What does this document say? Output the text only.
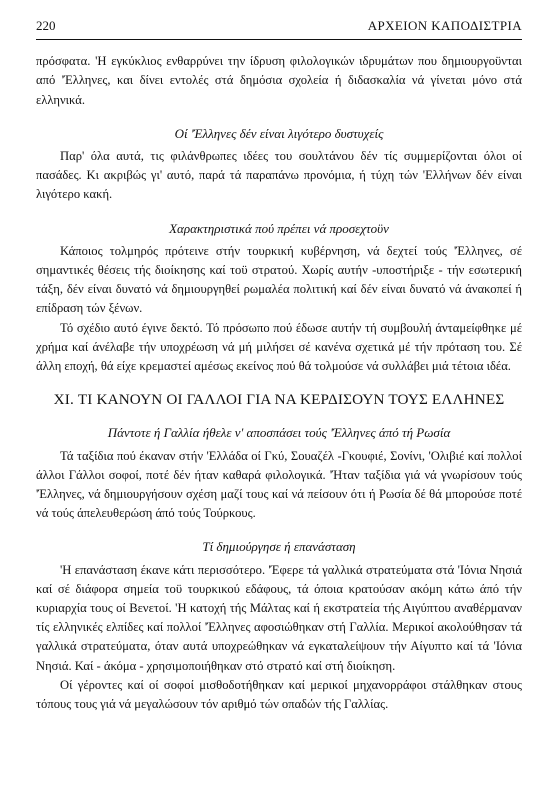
220	ΑΡΧΕΙΟΝ ΚΑΠΟΔΙΣΤΡΙΑ

πρόσφατα. 'Η εγκύκλιος ενθαρρύνει την ίδρυση φιλολογικών ιδρυμάτων που δημιουργοϋνται από 'Έλληνες, και δίνει εντολές στά δημόσια σχολεία ή διδασκαλία νά γίνεται μόνο στά ελληνικά.

Οί 'Έλληνες δέν είναι λιγότερο δυστυχείς

Παρ' όλα αυτά, τις φιλάνθρωπες ιδέες του σουλτάνου δέν τίς συμμερίζονται όλοι οί πασάδες. Κι ακριβώς γι' αυτό, παρά τά παραπάνω προνόμια, ή τύχη τών 'Ελλήνων δέν είναι λιγότερο κακή.

Χαρακτηριστικά πού πρέπει νά προσεχτοϋν

Κάποιος τολμηρός πρότεινε στήν τουρκική κυβέρνηση, νά δεχτεί τούς 'Έλληνες, σέ σημαντικές θέσεις τής διοίκησης καί τοϋ στρατού. Χωρίς αυτήν -υποστήριξε - τήν εσωτερική τάξη, δέν είναι δυνατό νά δημιουργηθεί ρωμαλέα πολιτική καί δέν είναι δυνατό νά άνακοπεί ή επίδραση τών ξένων.

Τό σχέδιο αυτό έγινε δεκτό. Τό πρόσωπο πού έδωσε αυτήν τή συμβουλή άνταμείφθηκε μέ χρήμα καί άνέλαβε τήν υποχρέωση νά μή μιλήσει σέ κανένα σχετικά μέ τήν πρόταση του. Σέ άλλη εποχή, θά είχε κρεμαστεί αμέσως εκείνος πού θά τολμούσε νά συλλάβει μιά τέτοια ιδέα.

XI. ΤΙ ΚΑΝΟΥΝ ΟΙ ΓΑΛΛΟΙ ΓΙΑ ΝΑ ΚΕΡΔΙΣΟΥΝ ΤΟΥΣ ΕΛΛΗΝΕΣ
Πάντοτε ή Γαλλία ήθελε ν' αποσπάσει τούς 'Έλληνες άπό τή Ρωσία

Τά ταξίδια πού έκαναν στήν 'Ελλάδα οί Γκύ, Σουαζέλ -Γκουφιέ, Σονίνι, 'Ολιβιέ καί πολλοί άλλοι Γάλλοι σοφοί, ποτέ δέν ήταν καθαρά φιλολογικά. 'Ήταν ταξίδια γιά νά γνωρίσουν τούς 'Έλληνες, νά δημιουργήσουν σχέση μαζί τους καί νά πείσουν ότι ή Ρωσία δέ θά μπορούσε ποτέ νά τούς άπελευθερώση άπό τούς Τούρκους.

Τί δημιούργησε ή επανάσταση

'Η επανάσταση έκανε κάτι περισσότερο. 'Έφερε τά γαλλικά στρατεύματα στά 'Ιόνια Νησιά καί σέ διάφορα σημεία τοϋ τουρκικού εδάφους, τά όποια κρατούσαν ακόμη κάτω άπό τήν κυριαρχία τους οί Βενετοί. 'Η κατοχή τής Μάλτας καί ή εκστρατεία τής Αιγύπτου αναθέρμαναν τίς ελληνικές ελπίδες καί πολλοί 'Έλληνες αφοσιώθηκαν στή Γαλλία. Μερικοί ακολούθησαν τά γαλλικά στρατεύματα, όταν αυτά υποχρεώθηκαν νά εγκαταλείψουν τήν Αίγυπτο καί τά 'Ιόνια Νησιά. Καί - άκόμα - χρησιμοποιήθηκαν στό στρατό καί στή διοίκηση.

Οί γέροντες καί οί σοφοί μισθοδοτήθηκαν καί μερικοί μηχανορράφοι στάλθηκαν στους τόπους τους γιά νά μεγαλώσουν τόν αριθμό τών οπαδών τής Γαλλίας.
